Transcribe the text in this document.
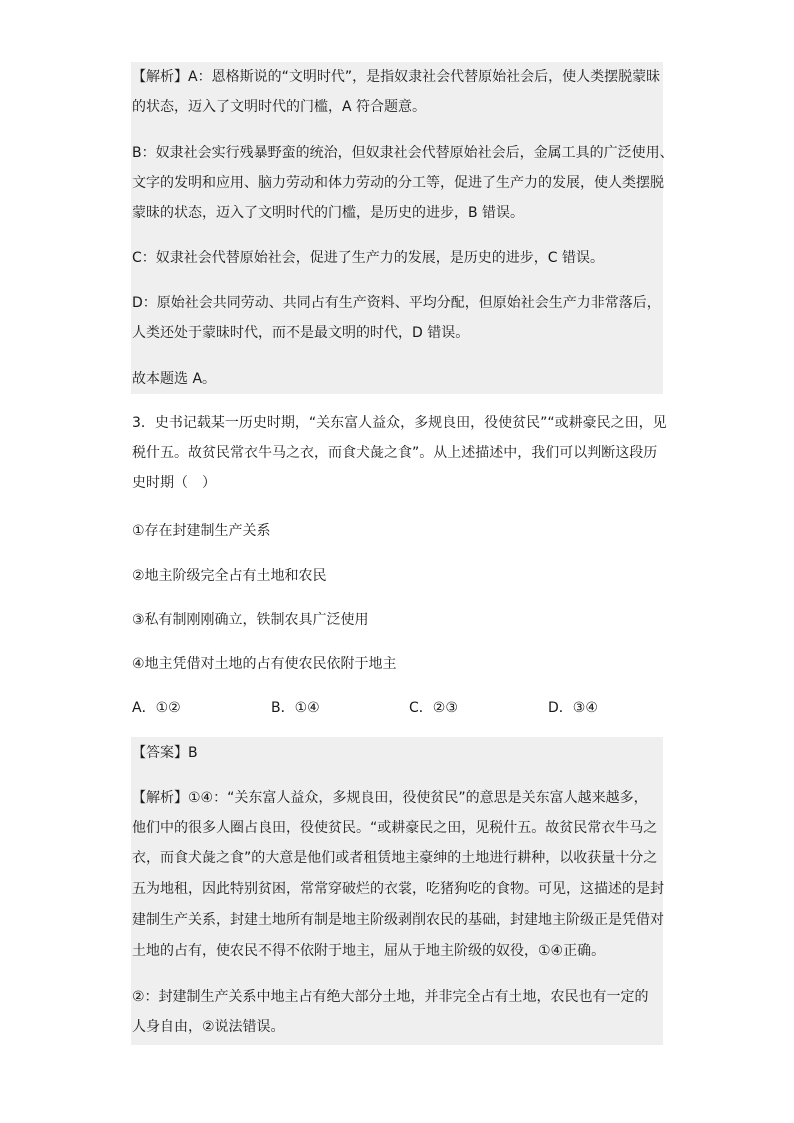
【解析】A：恩格斯说的“文明时代”，是指奴隶社会代替原始社会后，使人类摆脱蒙昧
的状态，迈入了文明时代的门槛，A 符合题意。
B：奴隶社会实行残暴野蛮的统治，但奴隶社会代替原始社会后，金属工具的广泛使用、
文字的发明和应用、脑力劳动和体力劳动的分工等，促进了生产力的发展，使人类摆脱
蒙昧的状态，迈入了文明时代的门槛，是历史的进步，B 错误。
C：奴隶社会代替原始社会，促进了生产力的发展，是历史的进步，C 错误。
D：原始社会共同劳动、共同占有生产资料、平均分配，但原始社会生产力非常落后，
人类还处于蒙昧时代，而不是最文明的时代，D 错误。
故本题选 A。
3．史书记载某一历史时期，“关东富人益众，多规良田，役使贫民”“或耕豪民之田，见
税什五。故贫民常衣牛马之衣，而食犬彘之食”。从上述描述中，我们可以判断这段历
史时期（　）
①存在封建制生产关系
②地主阶级完全占有土地和农民
③私有制刚刚确立，铁制农具广泛使用
④地主凭借对土地的占有使农民依附于地主
A．①②	B．①④	C．②③	D．③④
【答案】B
【解析】①④：“关东富人益众，多规良田，役使贫民”的意思是关东富人越来越多，
他们中的很多人圈占良田，役使贫民。“或耕豪民之田，见税什五。故贫民常衣牛马之
衣，而食犬彘之食”的大意是他们或者租赁地主豪绅的土地进行耕种，以收获量十分之
五为地租，因此特别贫困，常常穿破烂的衣裳，吃猪狗吃的食物。可见，这描述的是封
建制生产关系，封建土地所有制是地主阶级剥削农民的基础，封建地主阶级正是凭借对
土地的占有，使农民不得不依附于地主，屈从于地主阶级的奴役，①④正确。
②：封建制生产关系中地主占有绝大部分土地，并非完全占有土地，农民也有一定的
人身自由，②说法错误。
